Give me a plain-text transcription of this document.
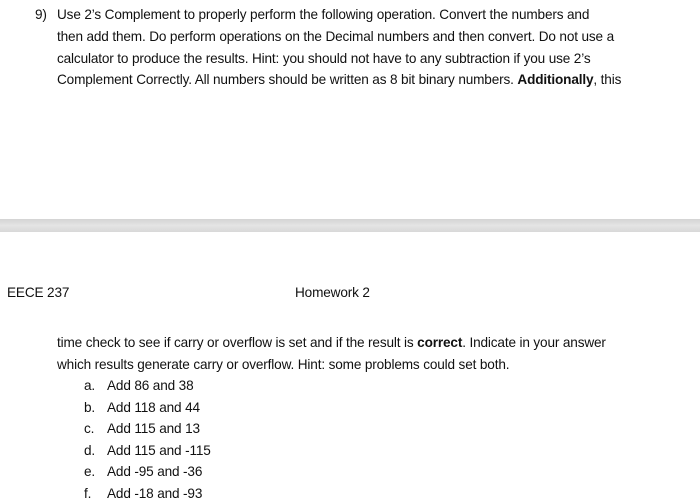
9) Use 2’s Complement to properly perform the following operation. Convert the numbers and
then add them. Do perform operations on the Decimal numbers and then convert. Do not use a
calculator to produce the results. Hint: you should not have to any subtraction if you use 2’s
Complement Correctly. All numbers should be written as 8 bit binary numbers. Additionally, this
EECE 237	Homework 2
time check to see if carry or overflow is set and if the result is correct. Indicate in your answer
which results generate carry or overflow. Hint: some problems could set both.
a. Add 86 and 38
b. Add 118 and 44
c. Add 115 and 13
d. Add 115 and -115
e. Add -95 and -36
f. Add -18 and -93
